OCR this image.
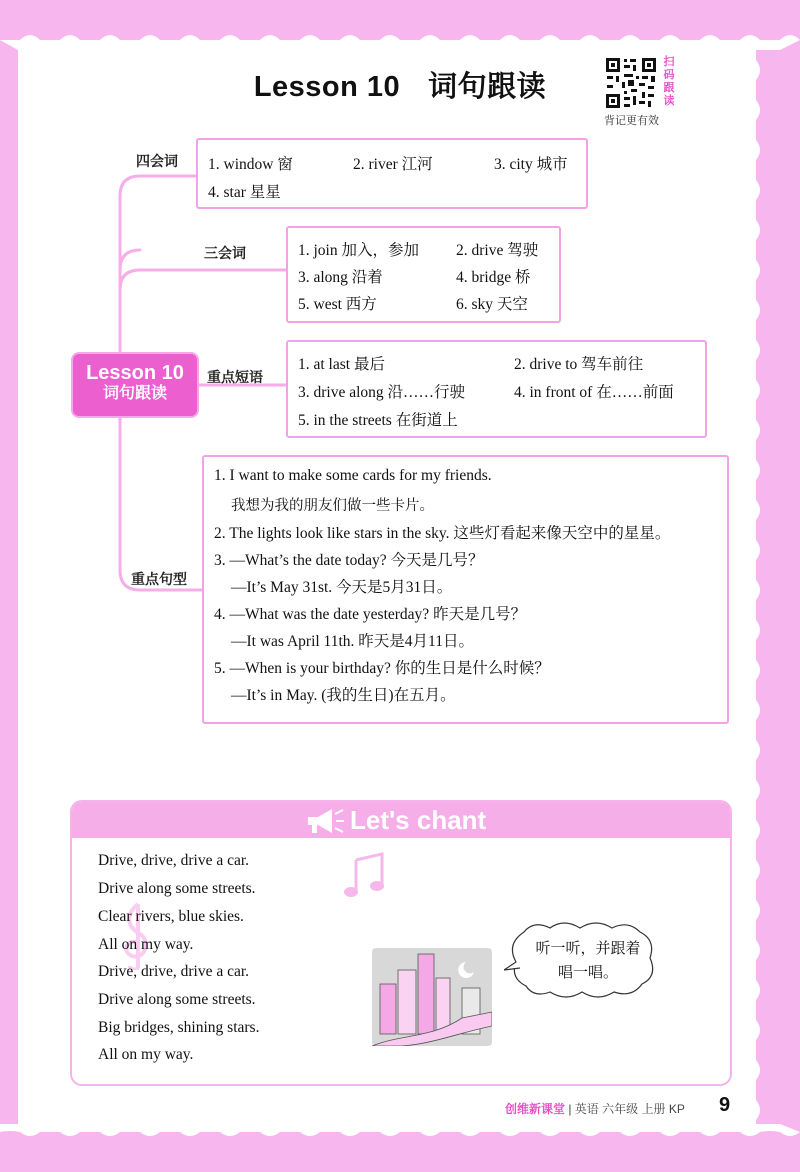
Lesson 10 词句跟读
扫码跟读
背记更有效
Lesson 10
词句跟读
四会词 1. window 窗	2. river 江河	3. city 城市
4. star 星星
三会词	1. join 加入，参加 2. drive 驾驶
3. along 沿着	4. bridge 桥
5. west 西方	6. sky 天空
重点短语
1. at last 最后	2. drive to 驾车前往
3. drive along 沿……行驶	4. in front of 在……前面
5. in the streets 在街道上
重点句型
1. I want to make some cards for my friends.
我想为我的朋友们做一些卡片。
2. The lights look like stars in the sky. 这些灯看起来像天空中的星星。
3. —What’s the date today? 今天是几号？
—It’s May 31st. 今天是5月31日。
4. —What was the date yesterday? 昨天是几号？
—It was April 11th. 昨天是4月11日。
5. —When is your birthday? 你的生日是什么时候？
—It’s in May. (我的生日)在五月。
Let's chant
Drive, drive, drive a car.
Drive along some streets.
Clear rivers, blue skies.
All on my way.
Drive, drive, drive a car.
Drive along some streets.
Big bridges, shining stars.
All on my way.
听一听，并跟着
唱一唱。
创维新课堂 | 英语 六年级 上册 KP 9
